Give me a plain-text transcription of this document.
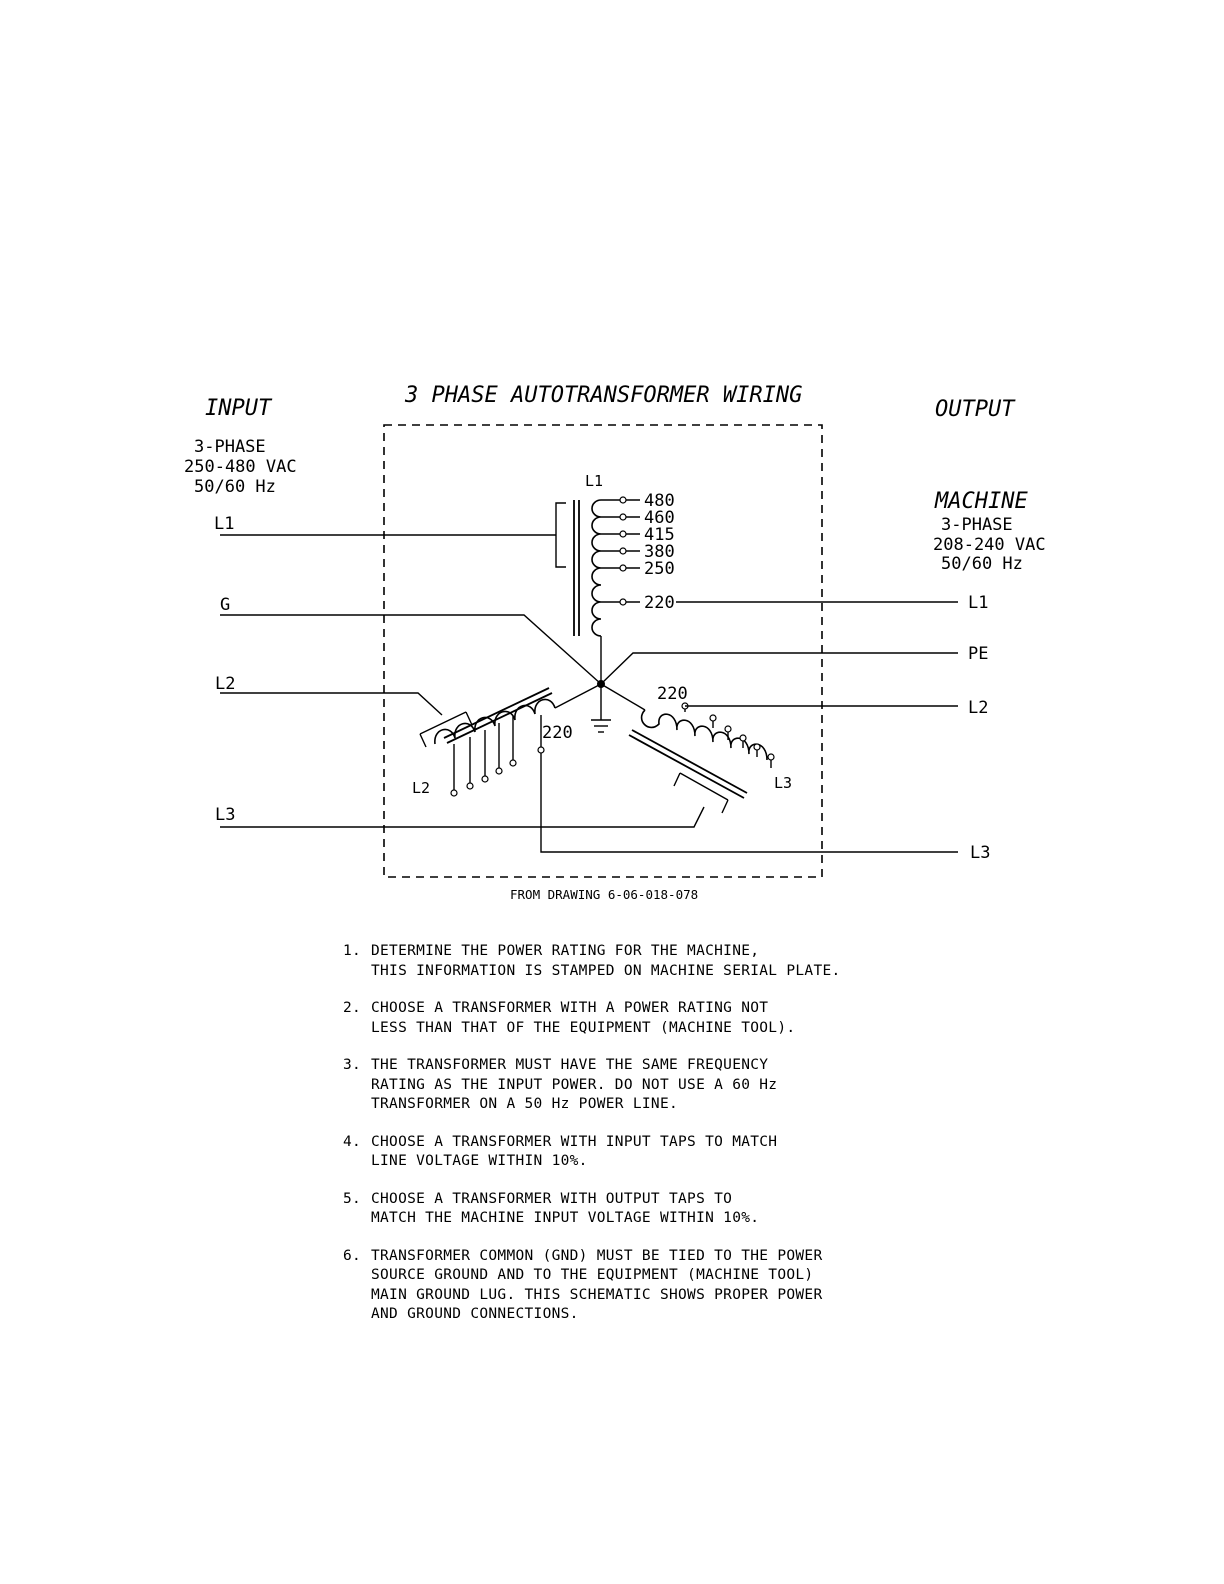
3 PHASE AUTOTRANSFORMER WIRING
INPUT
3-PHASE
250-480 VAC
50/60 Hz
OUTPUT
MACHINE
3-PHASE
208-240 VAC
50/60 Hz
L1
G
L2
L3
L1
PE
L2
L3
L1
480
460
415
380
250
220
L2
220
220
L3
FROM DRAWING 6-06-018-078
1. DETERMINE THE POWER RATING FOR THE MACHINE,
THIS INFORMATION IS STAMPED ON MACHINE SERIAL PLATE.
2. CHOOSE A TRANSFORMER WITH A POWER RATING NOT
LESS THAN THAT OF THE EQUIPMENT (MACHINE TOOL).
3. THE TRANSFORMER MUST HAVE THE SAME FREQUENCY
RATING AS THE INPUT POWER. DO NOT USE A 60 Hz
TRANSFORMER ON A 50 Hz POWER LINE.
4. CHOOSE A TRANSFORMER WITH INPUT TAPS TO MATCH
LINE VOLTAGE WITHIN 10%.
5. CHOOSE A TRANSFORMER WITH OUTPUT TAPS TO
MATCH THE MACHINE INPUT VOLTAGE WITHIN 10%.
6. TRANSFORMER COMMON (GND) MUST BE TIED TO THE POWER
SOURCE GROUND AND TO THE EQUIPMENT (MACHINE TOOL)
MAIN GROUND LUG. THIS SCHEMATIC SHOWS PROPER POWER
AND GROUND CONNECTIONS.
